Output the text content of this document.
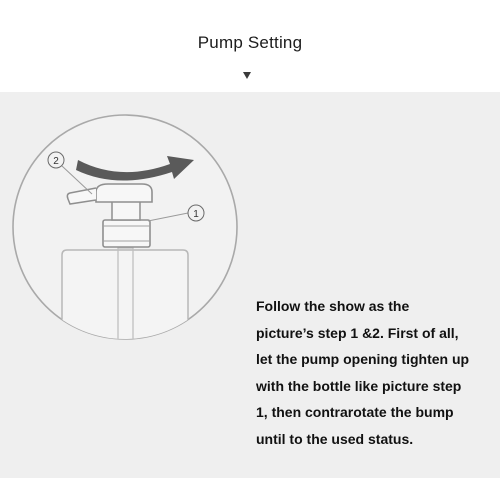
Pump Setting
2
1
Follow the show as the
picture’s step 1 &2. First of all,
let the pump opening tighten up
with the bottle like picture step
1, then contrarotate the bump
until to the used status.
